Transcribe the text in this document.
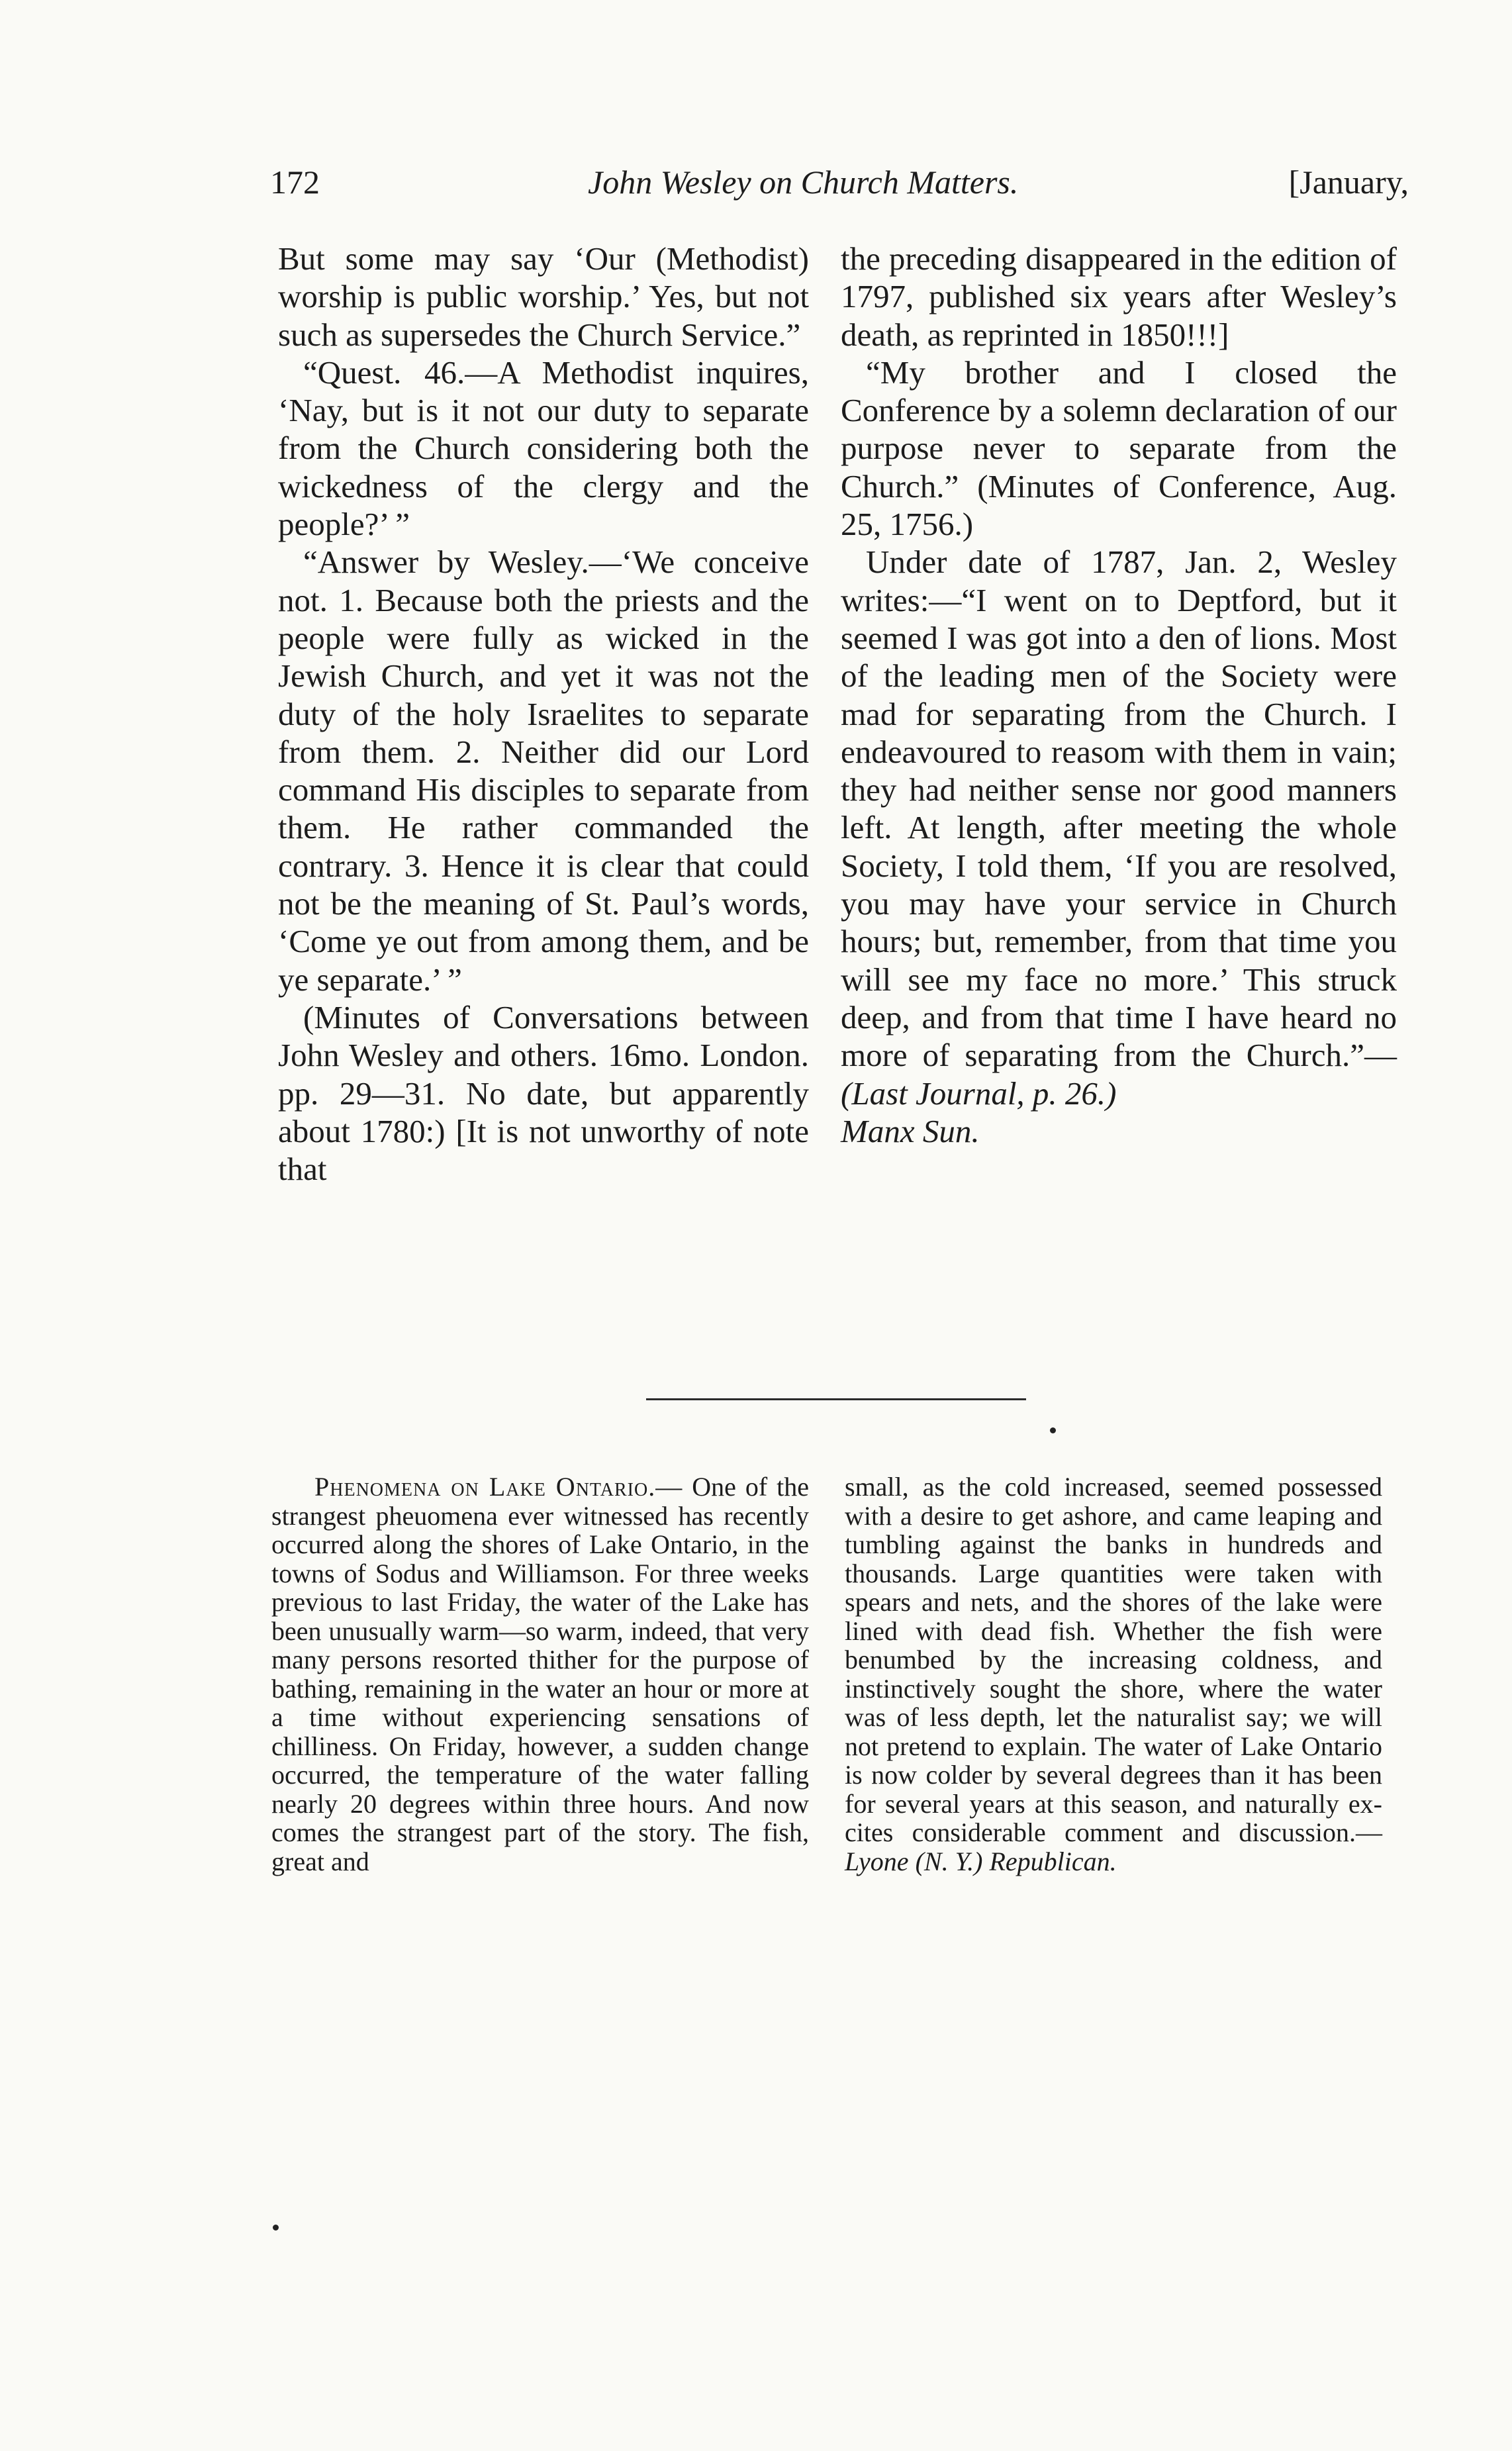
172	John Wesley on Church Matters.	[January,

But some may say ‘Our (Methodist) worship is public worship.’ Yes, but not such as supersedes the Church Service.”

“Quest. 46.—A Methodist inquires, ‘Nay, but is it not our duty to separate from the Church considering both the wickedness of the clergy and the people?’ ”

“Answer by Wesley.—‘We conceive not. 1. Because both the priests and the people were fully as wicked in the Jewish Church, and yet it was not the duty of the holy Israelites to separate from them. 2. Neither did our Lord command His disciples to separate from them. He rather commanded the contrary. 3. Hence it is clear that could not be the meaning of St. Paul’s words, ‘Come ye out from among them, and be ye separate.’ ”

(Minutes of Conversations between John Wesley and others. 16mo. London. pp. 29—31. No date, but apparently about 1780:) [It is not unworthy of note that

the preceding disappeared in the edition of 1797, published six years after Wesley’s death, as reprinted in 1850!!!]

“My brother and I closed the Conference by a solemn declaration of our purpose never to separate from the Church.” (Minutes of Conference, Aug. 25, 1756.)

Under date of 1787, Jan. 2, Wesley writes:—“I went on to Deptford, but it seemed I was got into a den of lions. Most of the leading men of the Society were mad for separating from the Church. I endeavoured to reasom with them in vain; they had neither sense nor good manners left. At length, after meeting the whole Society, I told them, ‘If you are resolved, you may have your service in Church hours; but, remember, from that time you will see my face no more.’ This struck deep, and from that time I have heard no more of separating from the Church.”—(Last Journal, p. 26.)
Manx Sun.

Phenomena on Lake Ontario.— One of the strangest pheuomena ever witnessed has recently occurred along the shores of Lake Ontario, in the towns of Sodus and Williamson. For three weeks previous to last Friday, the water of the Lake has been unusually warm—so warm, indeed, that very many persons resorted thither for the purpose of bathing, remaining in the water an hour or more at a time without experiencing sensations of chilliness. On Friday, however, a sudden change occurred, the temperature of the water falling nearly 20 degrees within three hours. And now comes the strangest part of the story. The fish, great and

small, as the cold increased, seemed possessed with a desire to get ashore, and came leaping and tumbling against the banks in hundreds and thousands. Large quantities were taken with spears and nets, and the shores of the lake were lined with dead fish. Whether the fish were benumbed by the increasing coldness, and instinctively sought the shore, where the water was of less depth, let the naturalist say; we will not pretend to explain. The water of Lake Ontario is now colder by several degrees than it has been for several years at this season, and naturally excites considerable comment and discussion.—Lyone (N. Y.) Republican.
